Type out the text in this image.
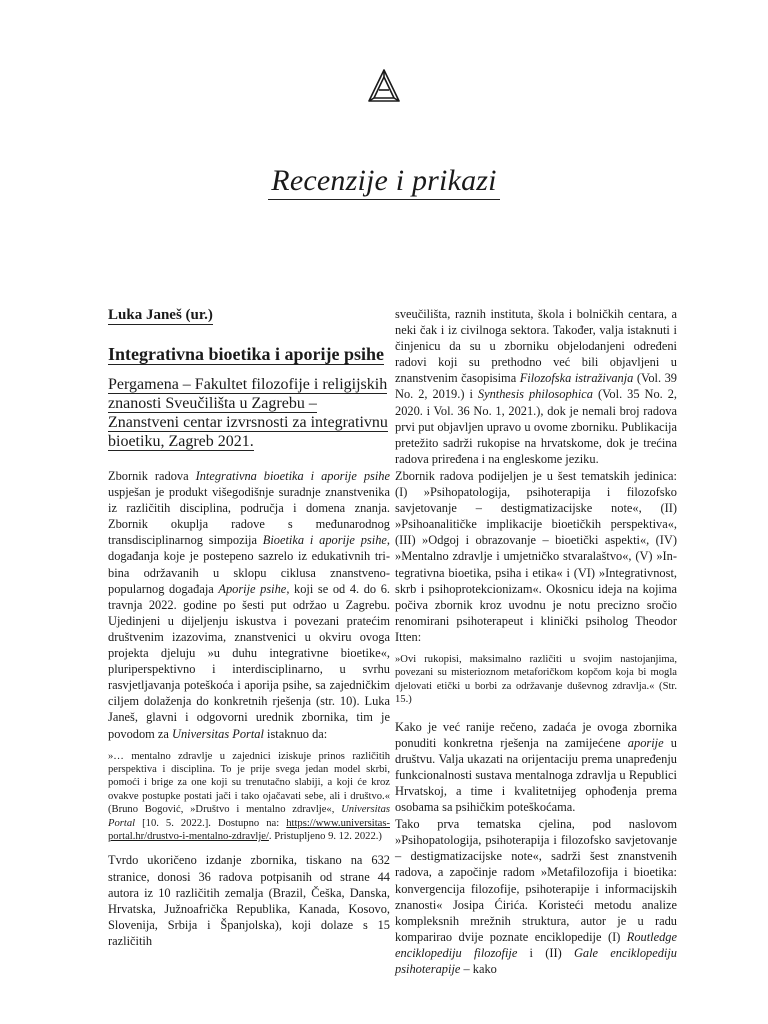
Recenzije i prikazi
Luka Janeš (ur.)
Integrativna bioetika i aporije psihe
Pergamena – Fakultet filozofije i religijskih znanosti Sveučilišta u Zagrebu – Znanstveni centar izvrsnosti za integrativnu bioetiku, Zagreb 2021.

Zbornik radova Integrativna bioetika i aporije psihe uspješan je produkt višegodišnje suradnje znanstvenika iz različitih disciplina, područja i domena znanja. Zbornik okuplja radove s međunarodnog transdisciplinarnog simpozija Bioetika i aporije psihe, događanja koje je postepeno sazrelo iz edukativnih tribina održavanih u sklopu ciklusa znanstveno-popularnog događaja Aporije psihe, koji se od 4. do 6. travnja 2022. godine po šesti put održao u Zagrebu. Ujedinjeni u dijeljenju iskustva i povezani pratećim društvenim izazovima, znanstvenici u okviru ovoga projekta djeluju »u duhu integrativne bioetike«, pluriperspektivno i interdisciplinarno, u svrhu rasvjetljavanja poteškoća i aporija psihe, sa zajedničkim ciljem dolaženja do konkretnih rješenja (str. 10). Luka Janeš, glavni i odgovorni urednik zbornika, tim je povodom za Universitas Portal istaknuo da:

»… mentalno zdravlje u zajednici iziskuje prinos različitih perspektiva i disciplina. To je prije svega jedan model skrbi, pomoći i brige za one koji su trenutačno slabiji, a koji će kroz ovakve postupke postati jači i tako ojačavati sebe, ali i društvo.« (Bruno Bogović, »Društvo i mentalno zdravlje«, Universitas Portal [10. 5. 2022.]. Dostupno na: https://www.universitas-portal.hr/drustvo-i-mentalno-zdravlje/. Pristupljeno 9. 12. 2022.)

Tvrdo ukoričeno izdanje zbornika, tiskano na 632 stranice, donosi 36 radova potpisanih od strane 44 autora iz 10 različitih zemalja (Brazil, Češka, Danska, Hrvatska, Južnoafrička Republika, Kanada, Kosovo, Slovenija, Srbija i Španjolska), koji dolaze s 15 različitih

sveučilišta, raznih instituta, škola i bolničkih centara, a neki čak i iz civilnoga sektora. Također, valja istaknuti i činjenicu da su u zborniku objelodanjeni određeni radovi koji su prethodno već bili objavljeni u znanstvenim časopisima Filozofska istraživanja (Vol. 39 No. 2, 2019.) i Synthesis philosophica (Vol. 35 No. 2, 2020. i Vol. 36 No. 1, 2021.), dok je nemali broj radova prvi put objavljen upravo u ovome zborniku. Publikacija pretežito sadrži rukopise na hrvatskome, dok je trećina radova priređena i na engleskome jeziku.

Zbornik radova podijeljen je u šest tematskih jedinica: (I) »Psihopatologija, psihoterapija i filozofsko savjetovanje – destigmatizacijske note«, (II) »Psihoanalitičke implikacije bioetičkih perspektiva«, (III) »Odgoj i obrazovanje – bioetički aspekti«, (IV) »Mentalno zdravlje i umjetničko stvaralaštvo«, (V) »Integrativna bioetika, psiha i etika« i (VI) »Integrativnost, skrb i psihoprotekcionizam«. Okosnicu ideja na kojima počiva zbornik kroz uvodnu je notu precizno sročio renomirani psihoterapeut i klinički psiholog Theodor Itten:

»Ovi rukopisi, maksimalno različiti u svojim nastojanjima, povezani su misterioznom metaforičkom kopčom koja bi mogla djelovati etički u borbi za održavanje duševnog zdravlja.« (Str. 15.)

Kako je već ranije rečeno, zadaća je ovoga zbornika ponuditi konkretna rješenja na zamijećene aporije u društvu. Valja ukazati na orijentaciju prema unapređenju funkcionalnosti sustava mentalnoga zdravlja u Republici Hrvatskoj, a time i kvalitetnijeg ophođenja prema osobama sa psihičkim poteškoćama.

Tako prva tematska cjelina, pod naslovom »Psihopatologija, psihoterapija i filozofsko savjetovanje – destigmatizacijske note«, sadrži šest znanstvenih radova, a započinje radom »Metafilozofija i bioetika: konvergencija filozofije, psihoterapije i informacijskih znanosti« Josipa Ćirića. Koristeći metodu analize kompleksnih mrežnih struktura, autor je u radu komparirao dvije poznate enciklopedije (I) Routledge enciklopediju filozofije i (II) Gale enciklopediju psihoterapije – kako
